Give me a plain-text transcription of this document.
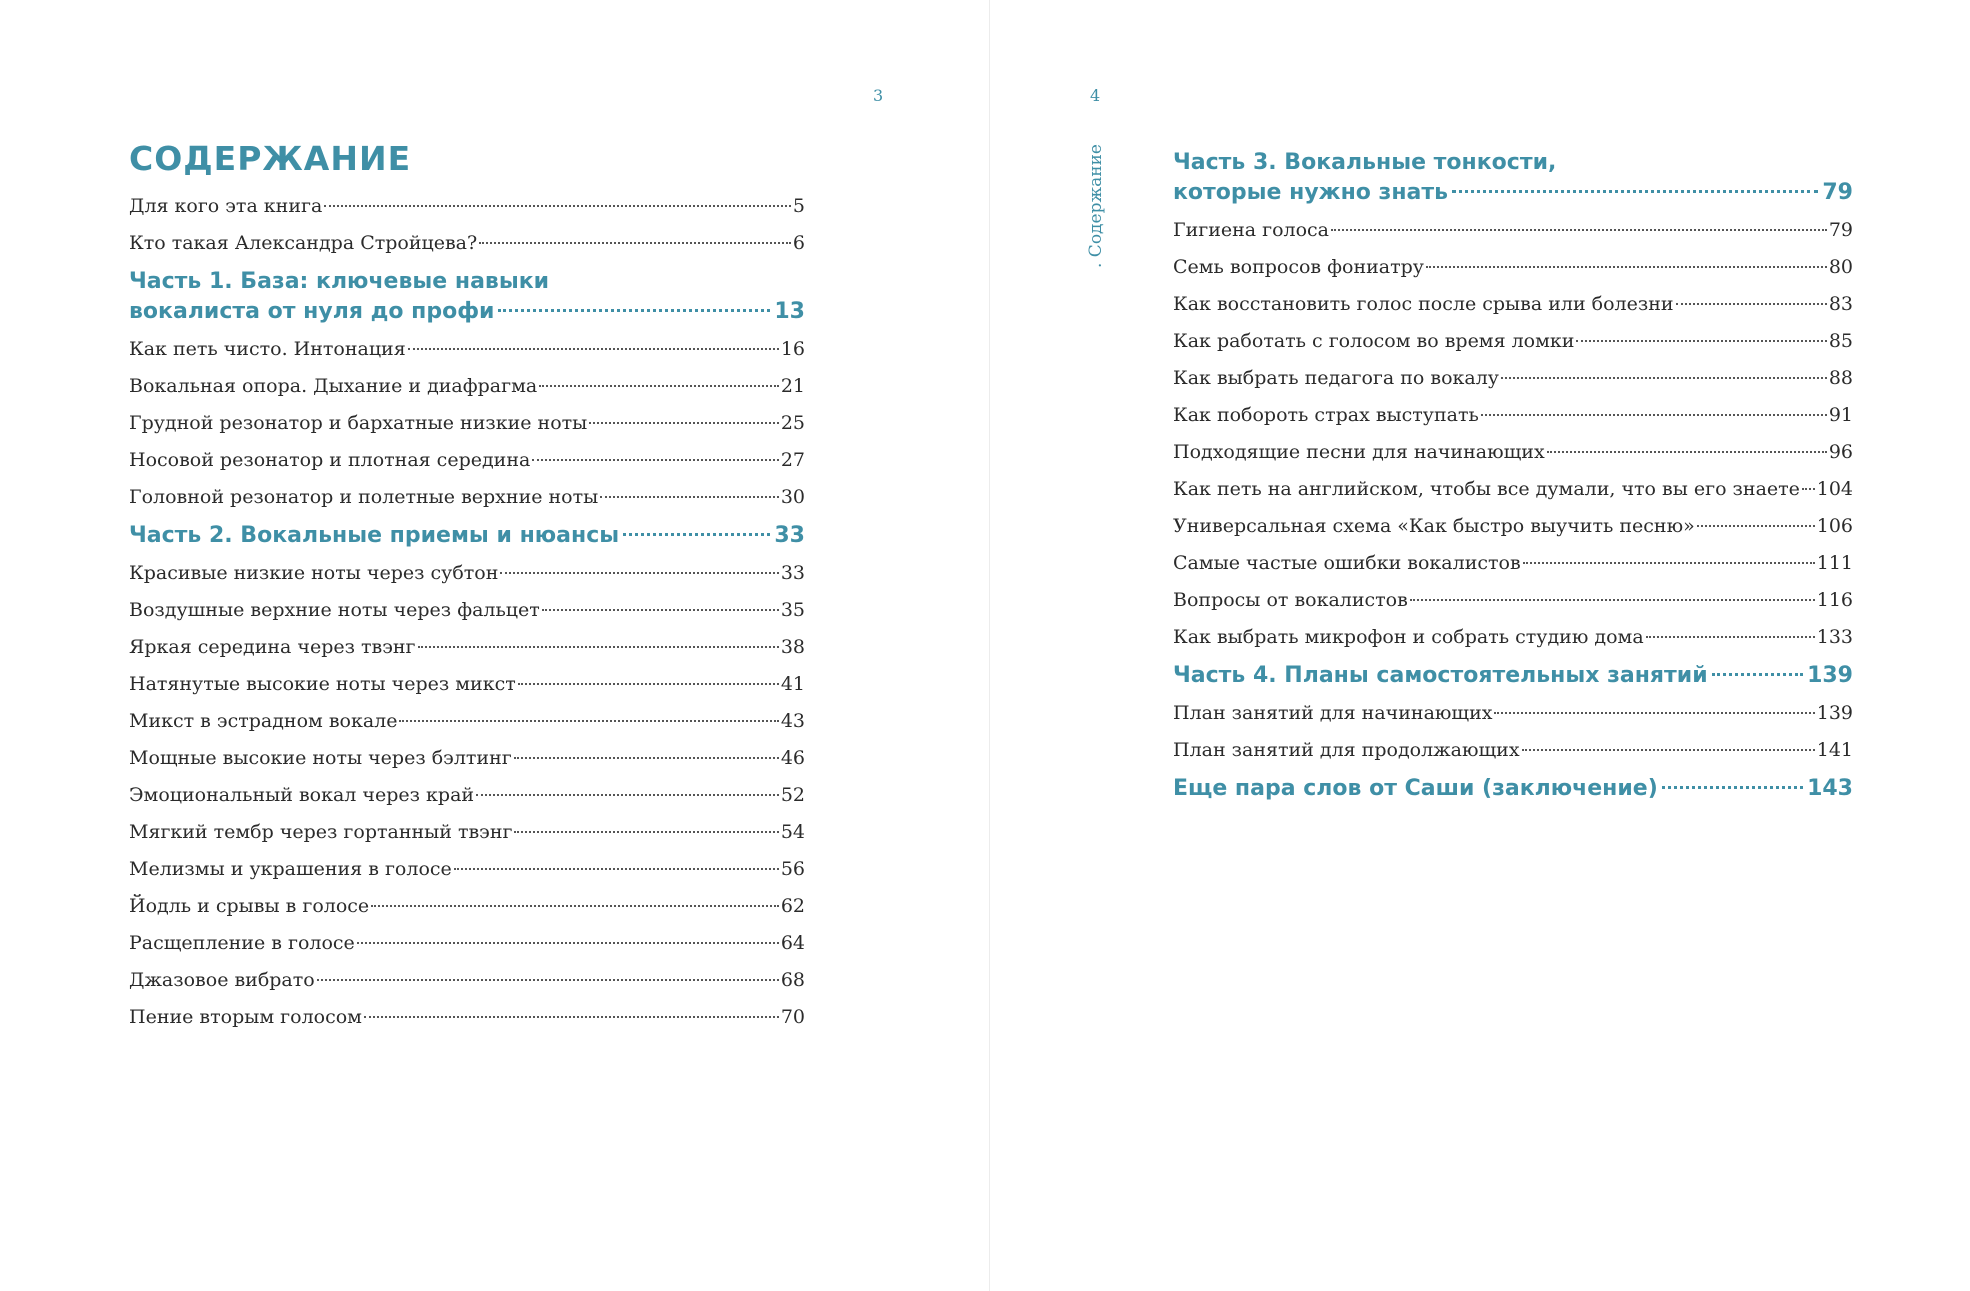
3
СОДЕРЖАНИЕ
Для кого эта книга	5
Кто такая Александра Стройцева?	6
Часть 1. База: ключевые навыки
вокалиста от нуля до профи	13
Как петь чисто. Интонация	16
Вокальная опора. Дыхание и диафрагма	21
Грудной резонатор и бархатные низкие ноты	25
Носовой резонатор и плотная середина	27
Головной резонатор и полетные верхние ноты	30
Часть 2. Вокальные приемы и нюансы	33
Красивые низкие ноты через субтон	33
Воздушные верхние ноты через фальцет	35
Яркая середина через твэнг	38
Натянутые высокие ноты через микст	41
Микст в эстрадном вокале	43
Мощные высокие ноты через бэлтинг	46
Эмоциональный вокал через край	52
Мягкий тембр через гортанный твэнг	54
Мелизмы и украшения в голосе	56
Йодль и срывы в голосе	62
Расщепление в голосе	64
Джазовое вибрато	68
Пение вторым голосом	70
4
. Содержание	Часть 3. Вокальные тонкости,
которые нужно знать	79
Гигиена голоса	79
Семь вопросов фониатру	80
Как восстановить голос после срыва или болезни	83
Как работать с голосом во время ломки	85
Как выбрать педагога по вокалу	88
Как побороть страх выступать	91
Подходящие песни для начинающих	96
Как петь на английском, чтобы все думали, что вы его знаете 104
Универсальная схема «Как быстро выучить песню»	106
Самые частые ошибки вокалистов	111
Вопросы от вокалистов	116
Как выбрать микрофон и собрать студию дома	133
Часть 4. Планы самостоятельных занятий	139
План занятий для начинающих	139
План занятий для продолжающих	141
Еще пара слов от Саши (заключение)	143
